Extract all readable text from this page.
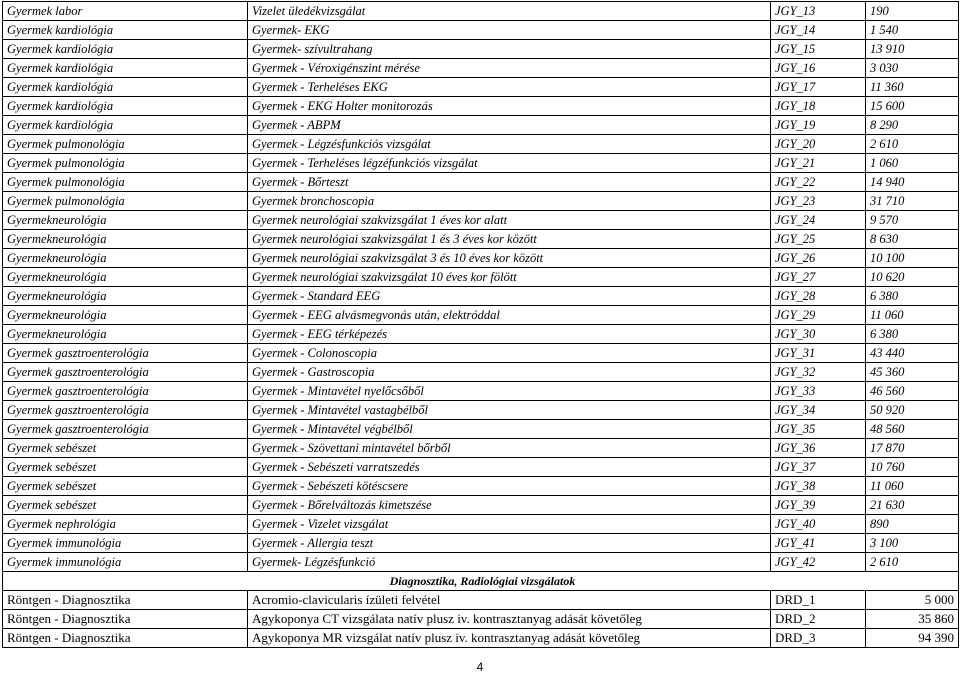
Gyermek labor	Vizelet üledékvizsgálat	JGY_13	190
Gyermek kardiológia	Gyermek- EKG	JGY_14	1 540
Gyermek kardiológia	Gyermek- szívultrahang	JGY_15	13 910
Gyermek kardiológia	Gyermek - Véroxigénszint mérése	JGY_16	3 030
Gyermek kardiológia	Gyermek - Terheléses EKG	JGY_17	11 360
Gyermek kardiológia	Gyermek - EKG Holter monitorozás	JGY_18	15 600
Gyermek kardiológia	Gyermek - ABPM	JGY_19	8 290
Gyermek pulmonológia	Gyermek - Légzésfunkciós vizsgálat	JGY_20	2 610
Gyermek pulmonológia	Gyermek - Terheléses légzéfunkciós vizsgálat	JGY_21	1 060
Gyermek pulmonológia	Gyermek - Bőrteszt	JGY_22	14 940
Gyermek pulmonológia	Gyermek bronchoscopia	JGY_23	31 710
Gyermekneurológia	Gyermek neurológiai szakvizsgálat 1 éves kor alatt	JGY_24	9 570
Gyermekneurológia	Gyermek neurológiai szakvizsgálat 1 és 3 éves kor között	JGY_25	8 630
Gyermekneurológia	Gyermek neurológiai szakvizsgálat 3 és 10 éves kor között	JGY_26	10 100
Gyermekneurológia	Gyermek neurológiai szakvizsgálat 10 éves kor fölött	JGY_27	10 620
Gyermekneurológia	Gyermek - Standard EEG	JGY_28	6 380
Gyermekneurológia	Gyermek - EEG alvásmegvonás után, elektróddal	JGY_29	11 060
Gyermekneurológia	Gyermek - EEG térképezés	JGY_30	6 380
Gyermek gasztroenterológia	Gyermek - Colonoscopia	JGY_31	43 440
Gyermek gasztroenterológia	Gyermek - Gastroscopia	JGY_32	45 360
Gyermek gasztroenterológia	Gyermek - Mintavétel nyelőcsőből	JGY_33	46 560
Gyermek gasztroenterológia	Gyermek - Mintavétel vastagbélből	JGY_34	50 920
Gyermek gasztroenterológia	Gyermek - Mintavétel végbélből	JGY_35	48 560
Gyermek sebészet	Gyermek - Szövettani mintavétel bőrből	JGY_36	17 870
Gyermek sebészet	Gyermek - Sebészeti varratszedés	JGY_37	10 760
Gyermek sebészet	Gyermek - Sebészeti kötéscsere	JGY_38	11 060
Gyermek sebészet	Gyermek - Bőrelváltozás kimetszése	JGY_39	21 630
Gyermek nephrológia	Gyermek - Vizelet vizsgálat	JGY_40	890
Gyermek immunológia	Gyermek - Allergia teszt	JGY_41	3 100
Gyermek immunológia	Gyermek- Légzésfunkció	JGY_42	2 610
Diagnosztika, Radiológiai vizsgálatok			
Röntgen - Diagnosztika	Acromio-clavicularis ízületi felvétel	DRD_1	5 000
Röntgen - Diagnosztika	Agykoponya CT vizsgálata natív plusz iv. kontrasztanyag adását követőleg	DRD_2	35 860
Röntgen - Diagnosztika	Agykoponya MR vizsgálat natív plusz iv. kontrasztanyag adását követőleg	DRD_3	94 390
4
